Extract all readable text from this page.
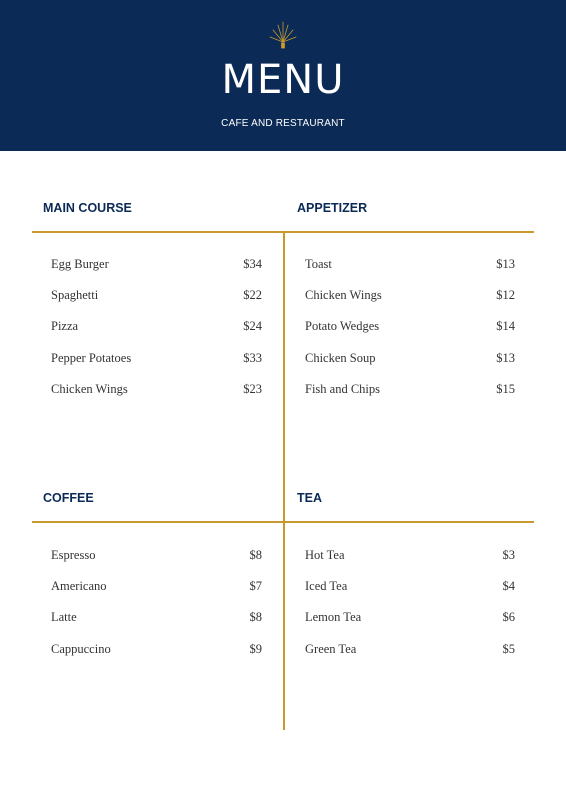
MENU
CAFE AND RESTAURANT
MAIN COURSE	APPETIZER
Egg Burger	$34
Spaghetti	$22
Pizza	$24
Pepper Potatoes	$33
Chicken Wings	$23
Toast	$13
Chicken Wings	$12
Potato Wedges	$14
Chicken Soup	$13
Fish and Chips	$15
COFFEE	TEA
Espresso	$8
Americano	$7
Latte	$8
Cappuccino	$9
Hot Tea	$3
Iced Tea	$4
Lemon Tea	$6
Green Tea	$5
